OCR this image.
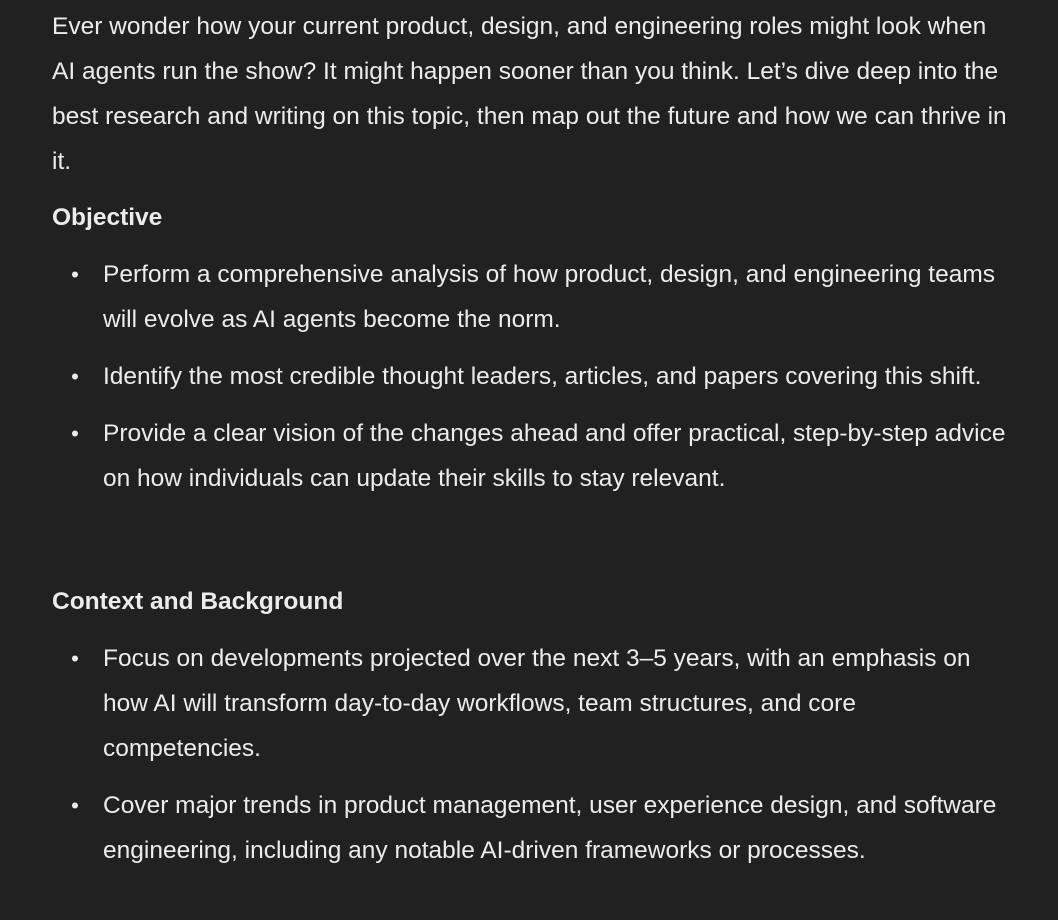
Ever wonder how your current product, design, and engineering roles might look when AI agents run the show? It might happen sooner than you think. Let’s dive deep into the best research and writing on this topic, then map out the future and how we can thrive in it.

Objective
• Perform a comprehensive analysis of how product, design, and engineering teams will evolve as AI agents become the norm.
• Identify the most credible thought leaders, articles, and papers covering this shift.
• Provide a clear vision of the changes ahead and offer practical, step-by-step advice on how individuals can update their skills to stay relevant.
Context and Background
• Focus on developments projected over the next 3–5 years, with an emphasis on how AI will transform day-to-day workflows, team structures, and core competencies.
• Cover major trends in product management, user experience design, and software engineering, including any notable AI-driven frameworks or processes.
